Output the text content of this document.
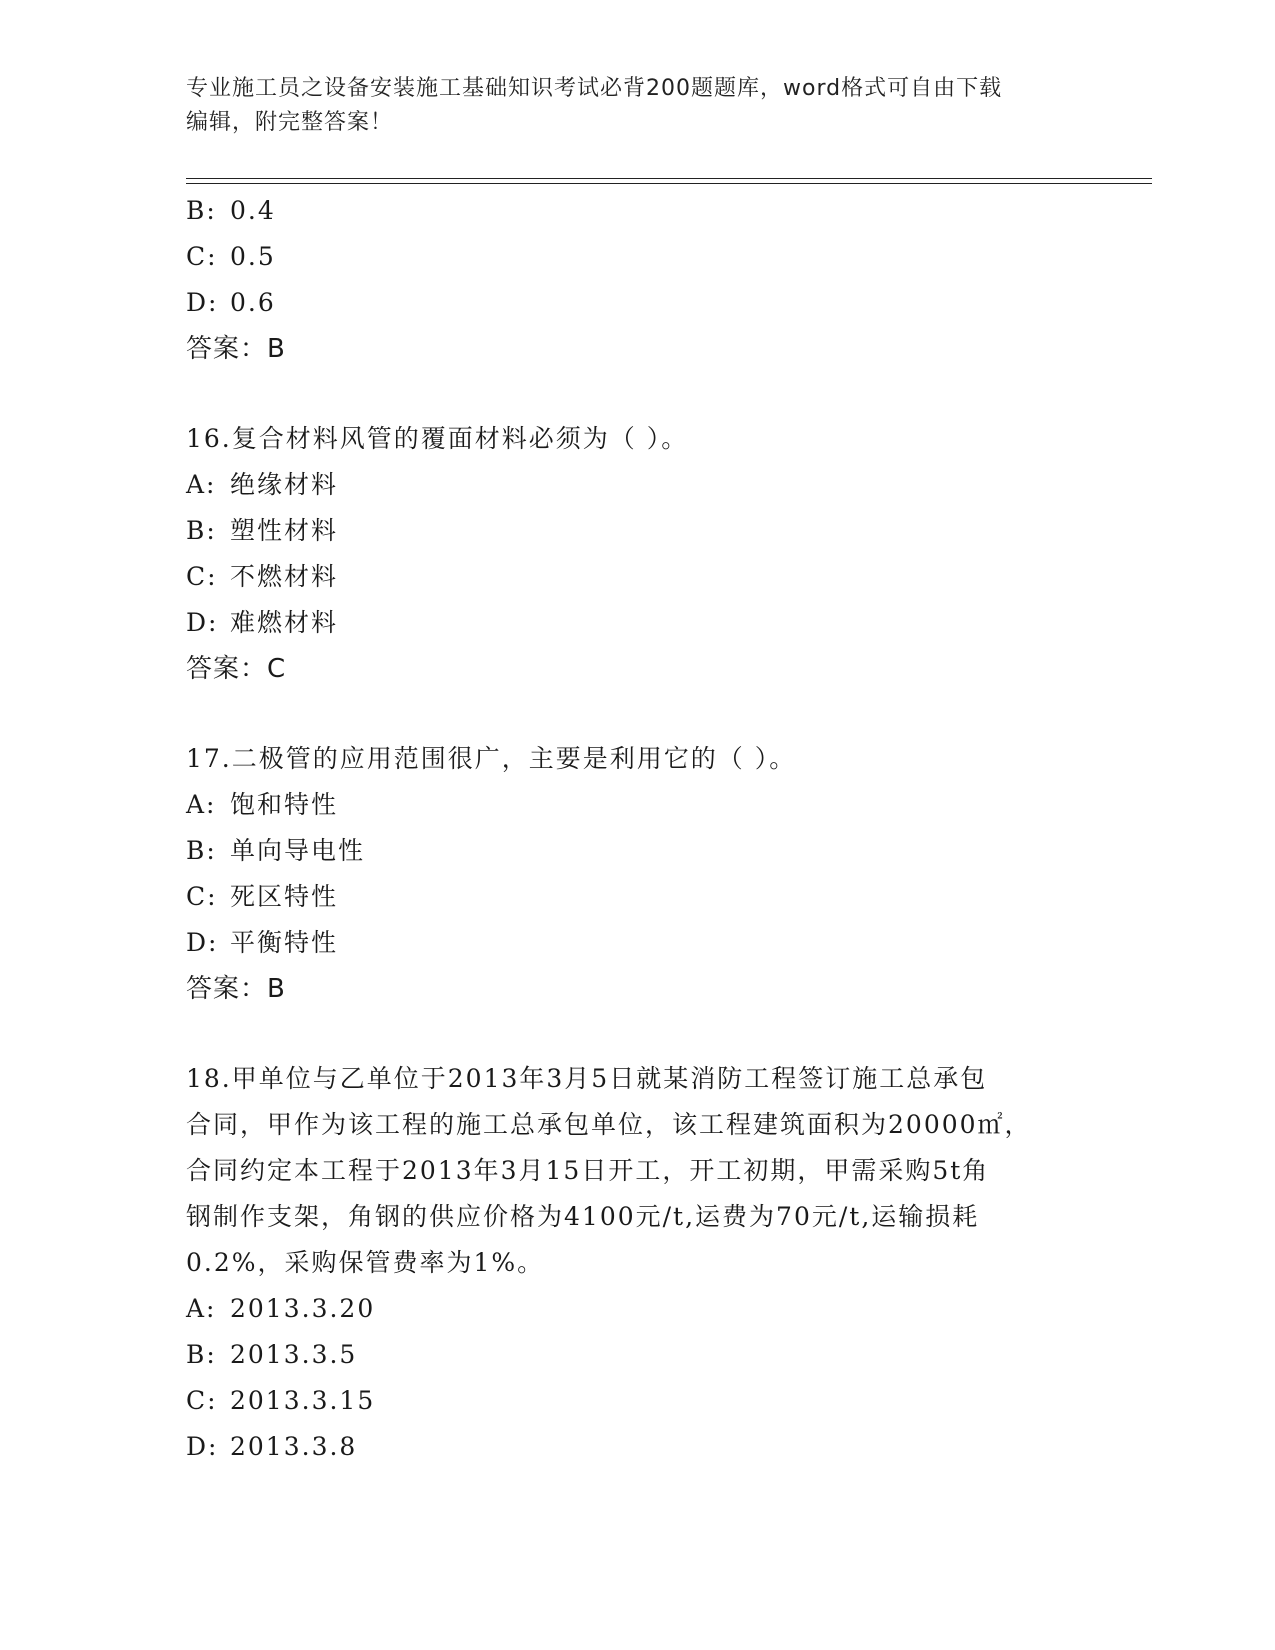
专业施工员之设备安装施工基础知识考试必背200题题库，word格式可自由下载
编辑，附完整答案！
B: 0.4
C: 0.5
D: 0.6
答案：B
16.复合材料风管的覆面材料必须为（ ）。
A: 绝缘材料
B: 塑性材料
C: 不燃材料
D: 难燃材料
答案：C
17.二极管的应用范围很广，主要是利用它的（ ）。
A: 饱和特性
B: 单向导电性
C: 死区特性
D: 平衡特性
答案：B
18.甲单位与乙单位于2013年3月5日就某消防工程签订施工总承包
合同，甲作为该工程的施工总承包单位，该工程建筑面积为20000㎡，
合同约定本工程于2013年3月15日开工，开工初期，甲需采购5t角
钢制作支架，角钢的供应价格为4100元/t,运费为70元/t,运输损耗
0.2%，采购保管费率为1%。
A: 2013.3.20
B: 2013.3.5
C: 2013.3.15
D: 2013.3.8
